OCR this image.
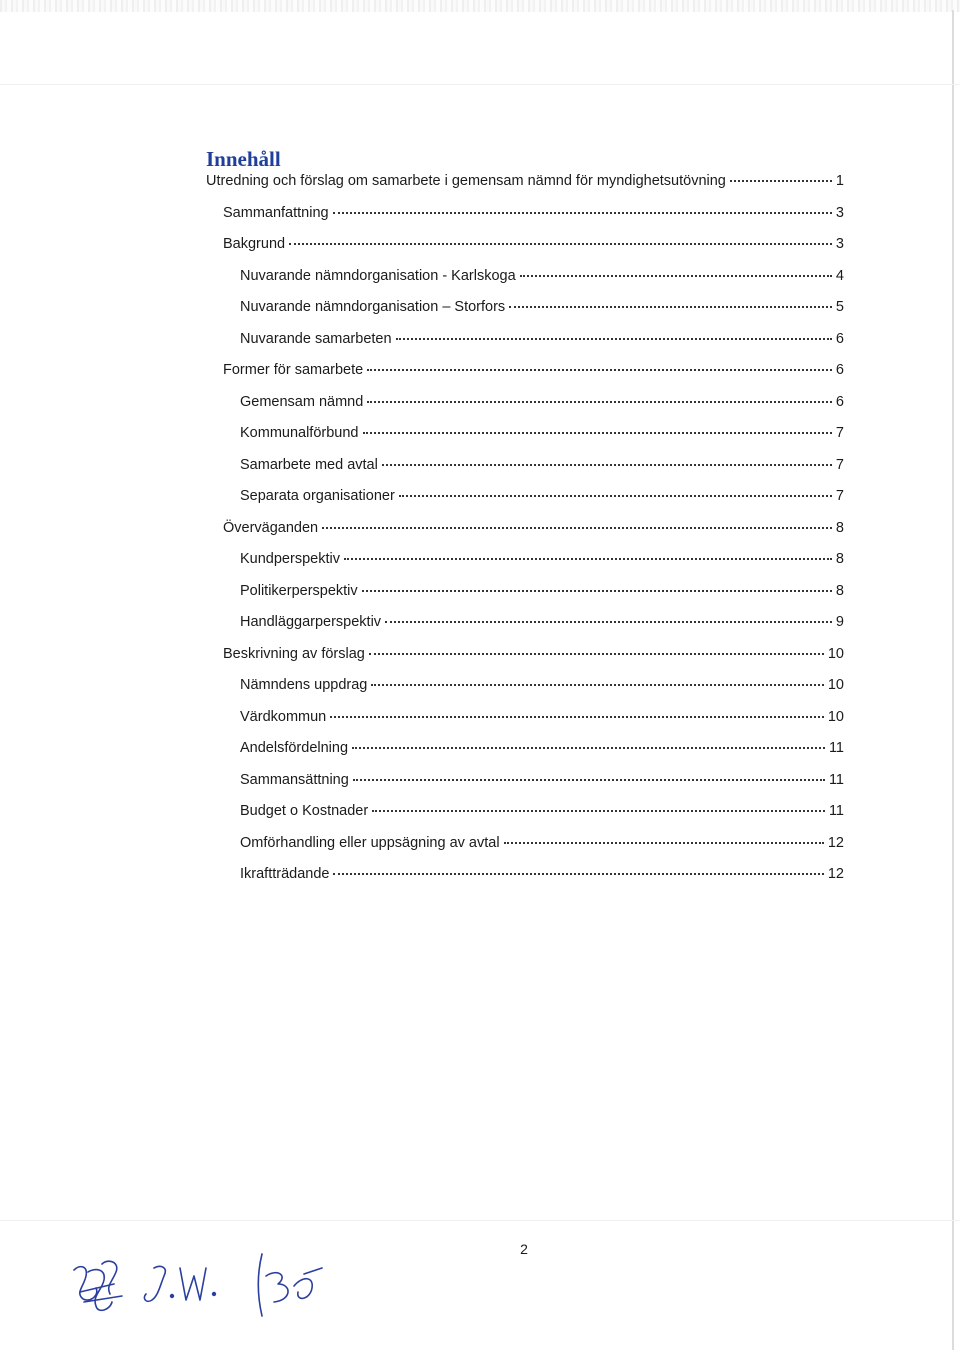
Innehåll
Utredning och förslag om samarbete i gemensam nämnd för myndighetsutövning	1
Sammanfattning	3
Bakgrund	3
Nuvarande nämndorganisation - Karlskoga	4
Nuvarande nämndorganisation – Storfors	5
Nuvarande samarbeten	6
Former för samarbete	6
Gemensam nämnd	6
Kommunalförbund	7
Samarbete med avtal	7
Separata organisationer	7
Överväganden	8
Kundperspektiv	8
Politikerperspektiv	8
Handläggarperspektiv	9
Beskrivning av förslag	10
Nämndens uppdrag	10
Värdkommun	10
Andelsfördelning	11
Sammansättning	11
Budget o Kostnader	11
Omförhandling eller uppsägning av avtal	12
Ikraftträdande	12
2
